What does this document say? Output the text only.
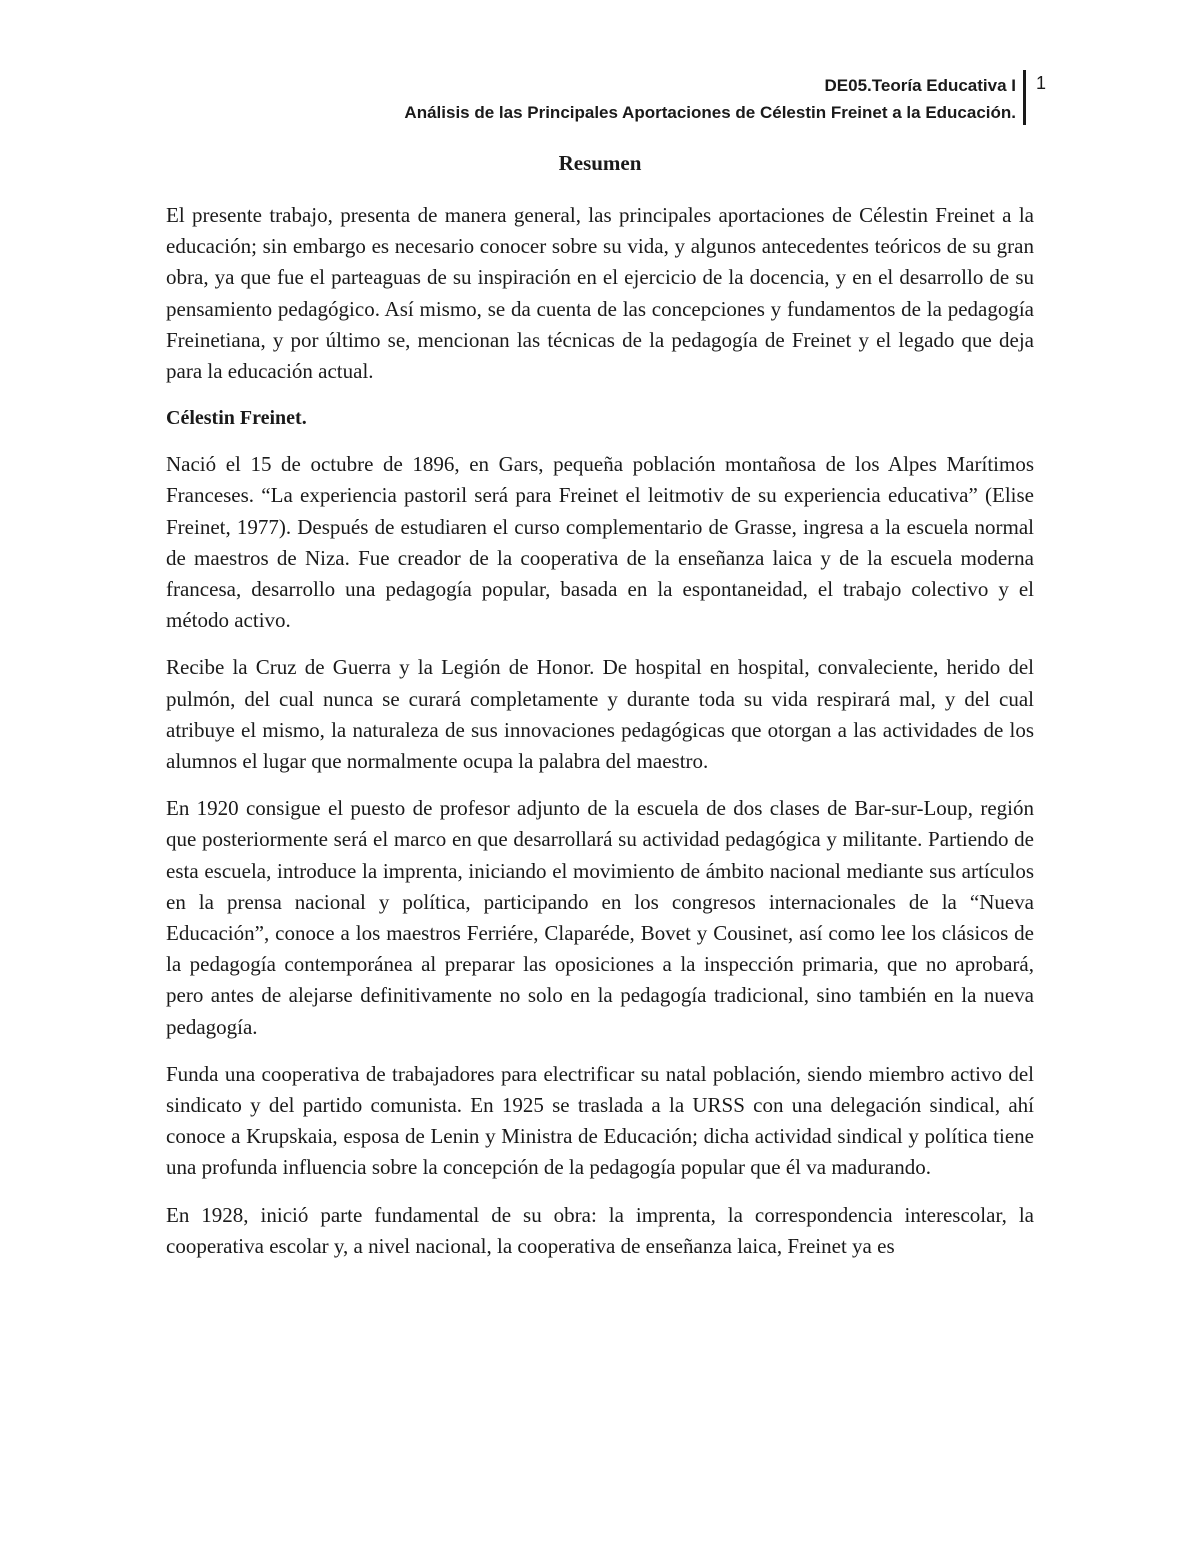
DE05.Teoría Educativa I
Análisis de las Principales Aportaciones de Célestin Freinet a la Educación.
1
Resumen

El presente trabajo, presenta de manera general, las principales aportaciones de Célestin Freinet a la educación; sin embargo es necesario conocer sobre su vida, y algunos antecedentes teóricos de su gran obra, ya que fue el parteaguas de su inspiración en el ejercicio de la docencia, y en el desarrollo de su pensamiento pedagógico. Así mismo, se da cuenta de las concepciones y fundamentos de la pedagogía Freinetiana, y por último se, mencionan las técnicas de la pedagogía de Freinet y el legado que deja para la educación actual.

Célestin Freinet.

Nació el 15 de octubre de 1896, en Gars, pequeña población montañosa de los Alpes Marítimos Franceses. “La experiencia pastoril será para Freinet el leitmotiv de su experiencia educativa” (Elise Freinet, 1977). Después de estudiaren el curso complementario de Grasse, ingresa a la escuela normal de maestros de Niza. Fue creador de la cooperativa de la enseñanza laica y de la escuela moderna francesa, desarrollo una pedagogía popular, basada en la espontaneidad, el trabajo colectivo y el método activo.

Recibe la Cruz de Guerra y la Legión de Honor. De hospital en hospital, convaleciente, herido del pulmón, del cual nunca se curará completamente y durante toda su vida respirará mal, y del cual atribuye el mismo, la naturaleza de sus innovaciones pedagógicas que otorgan a las actividades de los alumnos el lugar que normalmente ocupa la palabra del maestro.

En 1920 consigue el puesto de profesor adjunto de la escuela de dos clases de Bar-sur-Loup, región que posteriormente será el marco en que desarrollará su actividad pedagógica y militante. Partiendo de esta escuela, introduce la imprenta, iniciando el movimiento de ámbito nacional mediante sus artículos en la prensa nacional y política, participando en los congresos internacionales de la “Nueva Educación”, conoce a los maestros Ferriére, Claparéde, Bovet y Cousinet, así como lee los clásicos de la pedagogía contemporánea al preparar las oposiciones a la inspección primaria, que no aprobará, pero antes de alejarse definitivamente no solo en la pedagogía tradicional, sino también en la nueva pedagogía.

Funda una cooperativa de trabajadores para electrificar su natal población, siendo miembro activo del sindicato y del partido comunista. En 1925 se traslada a la URSS con una delegación sindical, ahí conoce a Krupskaia, esposa de Lenin y Ministra de Educación; dicha actividad sindical y política tiene una profunda influencia sobre la concepción de la pedagogía popular que él va madurando.

En 1928, inició parte fundamental de su obra: la imprenta, la correspondencia interescolar, la cooperativa escolar y, a nivel nacional, la cooperativa de enseñanza laica, Freinet ya es
